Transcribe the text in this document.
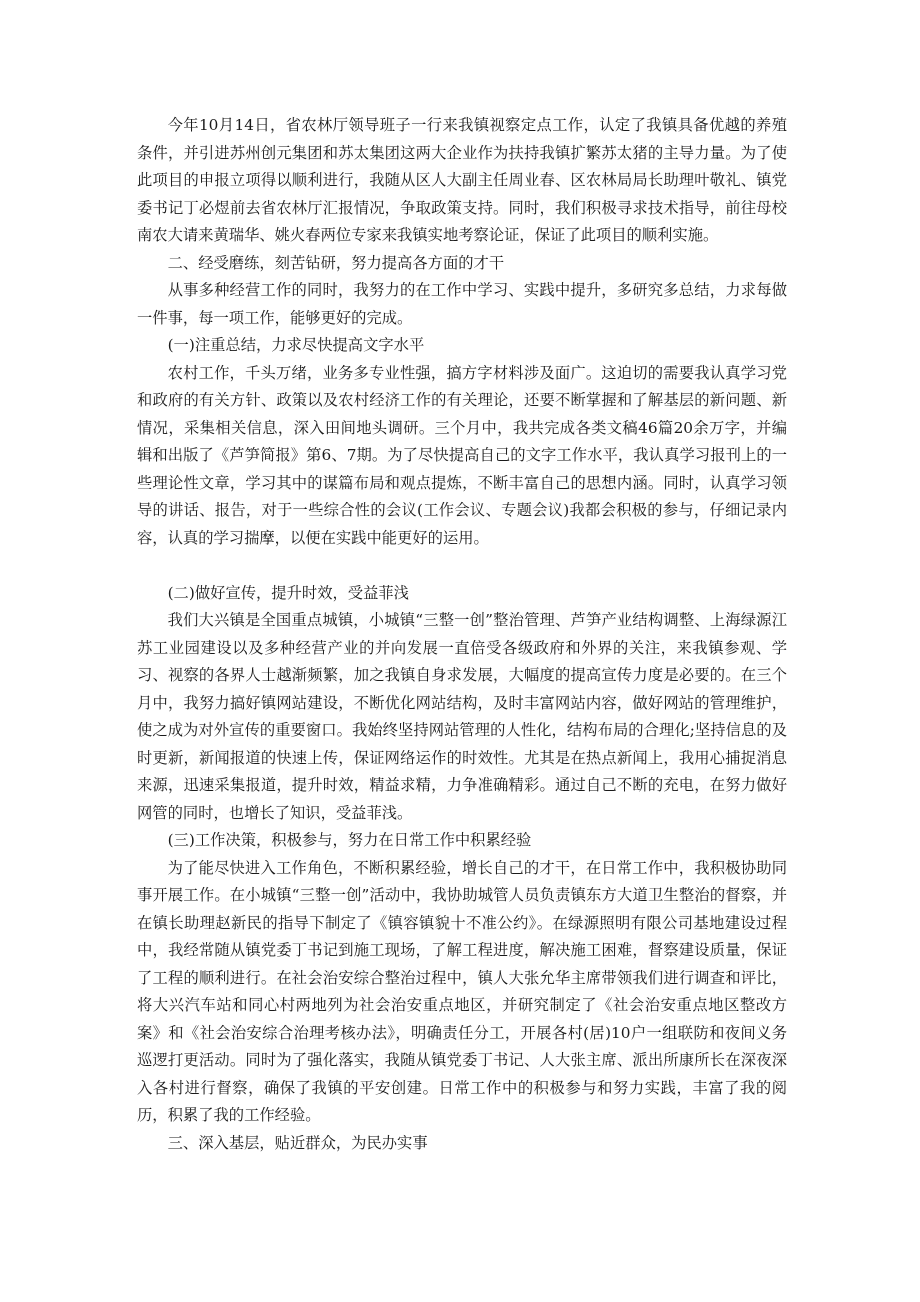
今年10月14日，省农林厅领导班子一行来我镇视察定点工作，认定了我镇具备优越的养殖条件，并引进苏州创元集团和苏太集团这两大企业作为扶持我镇扩繁苏太猪的主导力量。为了使此项目的申报立项得以顺利进行，我随从区人大副主任周业春、区农林局局长助理叶敬礼、镇党委书记丁必煜前去省农林厅汇报情况，争取政策支持。同时，我们积极寻求技术指导，前往母校南农大请来黄瑞华、姚火春两位专家来我镇实地考察论证，保证了此项目的顺利实施。

二、经受磨练，刻苦钻研，努力提高各方面的才干

从事多种经营工作的同时，我努力的在工作中学习、实践中提升，多研究多总结，力求每做一件事，每一项工作，能够更好的完成。

(一)注重总结，力求尽快提高文字水平

农村工作，千头万绪，业务多专业性强，搞方字材料涉及面广。这迫切的需要我认真学习党和政府的有关方针、政策以及农村经济工作的有关理论，还要不断掌握和了解基层的新问题、新情况，采集相关信息，深入田间地头调研。三个月中，我共完成各类文稿46篇20余万字，并编辑和出版了《芦笋简报》第6、7期。为了尽快提高自己的文字工作水平，我认真学习报刊上的一些理论性文章，学习其中的谋篇布局和观点提炼，不断丰富自己的思想内涵。同时，认真学习领导的讲话、报告，对于一些综合性的会议(工作会议、专题会议)我都会积极的参与，仔细记录内容，认真的学习揣摩，以便在实践中能更好的运用。

(二)做好宣传，提升时效，受益菲浅

我们大兴镇是全国重点城镇，小城镇“三整一创”整治管理、芦笋产业结构调整、上海绿源江苏工业园建设以及多种经营产业的并向发展一直倍受各级政府和外界的关注，来我镇参观、学习、视察的各界人士越渐频繁，加之我镇自身求发展，大幅度的提高宣传力度是必要的。在三个月中，我努力搞好镇网站建设，不断优化网站结构，及时丰富网站内容，做好网站的管理维护，使之成为对外宣传的重要窗口。我始终坚持网站管理的人性化，结构布局的合理化;坚持信息的及时更新，新闻报道的快速上传，保证网络运作的时效性。尤其是在热点新闻上，我用心捕捉消息来源，迅速采集报道，提升时效，精益求精，力争准确精彩。通过自己不断的充电，在努力做好网管的同时，也增长了知识，受益菲浅。

(三)工作决策，积极参与，努力在日常工作中积累经验

为了能尽快进入工作角色，不断积累经验，增长自己的才干，在日常工作中，我积极协助同事开展工作。在小城镇“三整一创”活动中，我协助城管人员负责镇东方大道卫生整治的督察，并在镇长助理赵新民的指导下制定了《镇容镇貌十不准公约》。在绿源照明有限公司基地建设过程中，我经常随从镇党委丁书记到施工现场，了解工程进度，解决施工困难，督察建设质量，保证了工程的顺利进行。在社会治安综合整治过程中，镇人大张允华主席带领我们进行调查和评比，将大兴汽车站和同心村两地列为社会治安重点地区，并研究制定了《社会治安重点地区整改方案》和《社会治安综合治理考核办法》，明确责任分工，开展各村(居)10户一组联防和夜间义务巡逻打更活动。同时为了强化落实，我随从镇党委丁书记、人大张主席、派出所康所长在深夜深入各村进行督察，确保了我镇的平安创建。日常工作中的积极参与和努力实践，丰富了我的阅历，积累了我的工作经验。

三、深入基层，贴近群众，为民办实事
